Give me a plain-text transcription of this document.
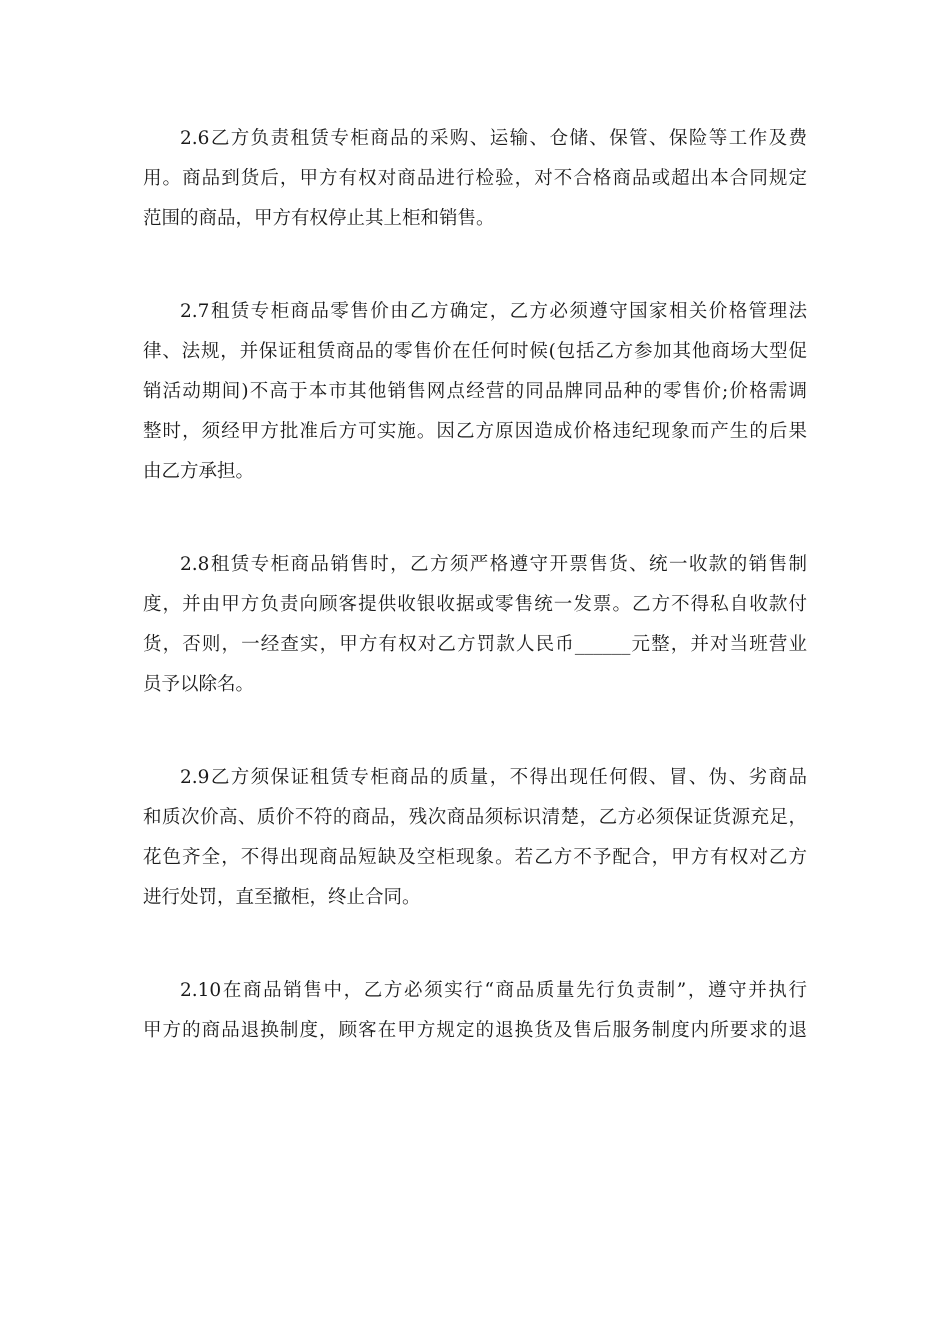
2.6乙方负责租赁专柜商品的采购、运输、仓储、保管、保险等工作及费
用。商品到货后，甲方有权对商品进行检验，对不合格商品或超出本合同规定
范围的商品，甲方有权停止其上柜和销售。
2.7租赁专柜商品零售价由乙方确定，乙方必须遵守国家相关价格管理法
律、法规，并保证租赁商品的零售价在任何时候(包括乙方参加其他商场大型促
销活动期间)不高于本市其他销售网点经营的同品牌同品种的零售价;价格需调
整时，须经甲方批准后方可实施。因乙方原因造成价格违纪现象而产生的后果
由乙方承担。
2.8租赁专柜商品销售时，乙方须严格遵守开票售货、统一收款的销售制
度，并由甲方负责向顾客提供收银收据或零售统一发票。乙方不得私自收款付
货，否则，一经查实，甲方有权对乙方罚款人民币______元整，并对当班营业
员予以除名。
2.9乙方须保证租赁专柜商品的质量，不得出现任何假、冒、伪、劣商品
和质次价高、质价不符的商品，残次商品须标识清楚，乙方必须保证货源充足，
花色齐全，不得出现商品短缺及空柜现象。若乙方不予配合，甲方有权对乙方
进行处罚，直至撤柜，终止合同。
2.10在商品销售中，乙方必须实行“商品质量先行负责制”，遵守并执行
甲方的商品退换制度，顾客在甲方规定的退换货及售后服务制度内所要求的退
